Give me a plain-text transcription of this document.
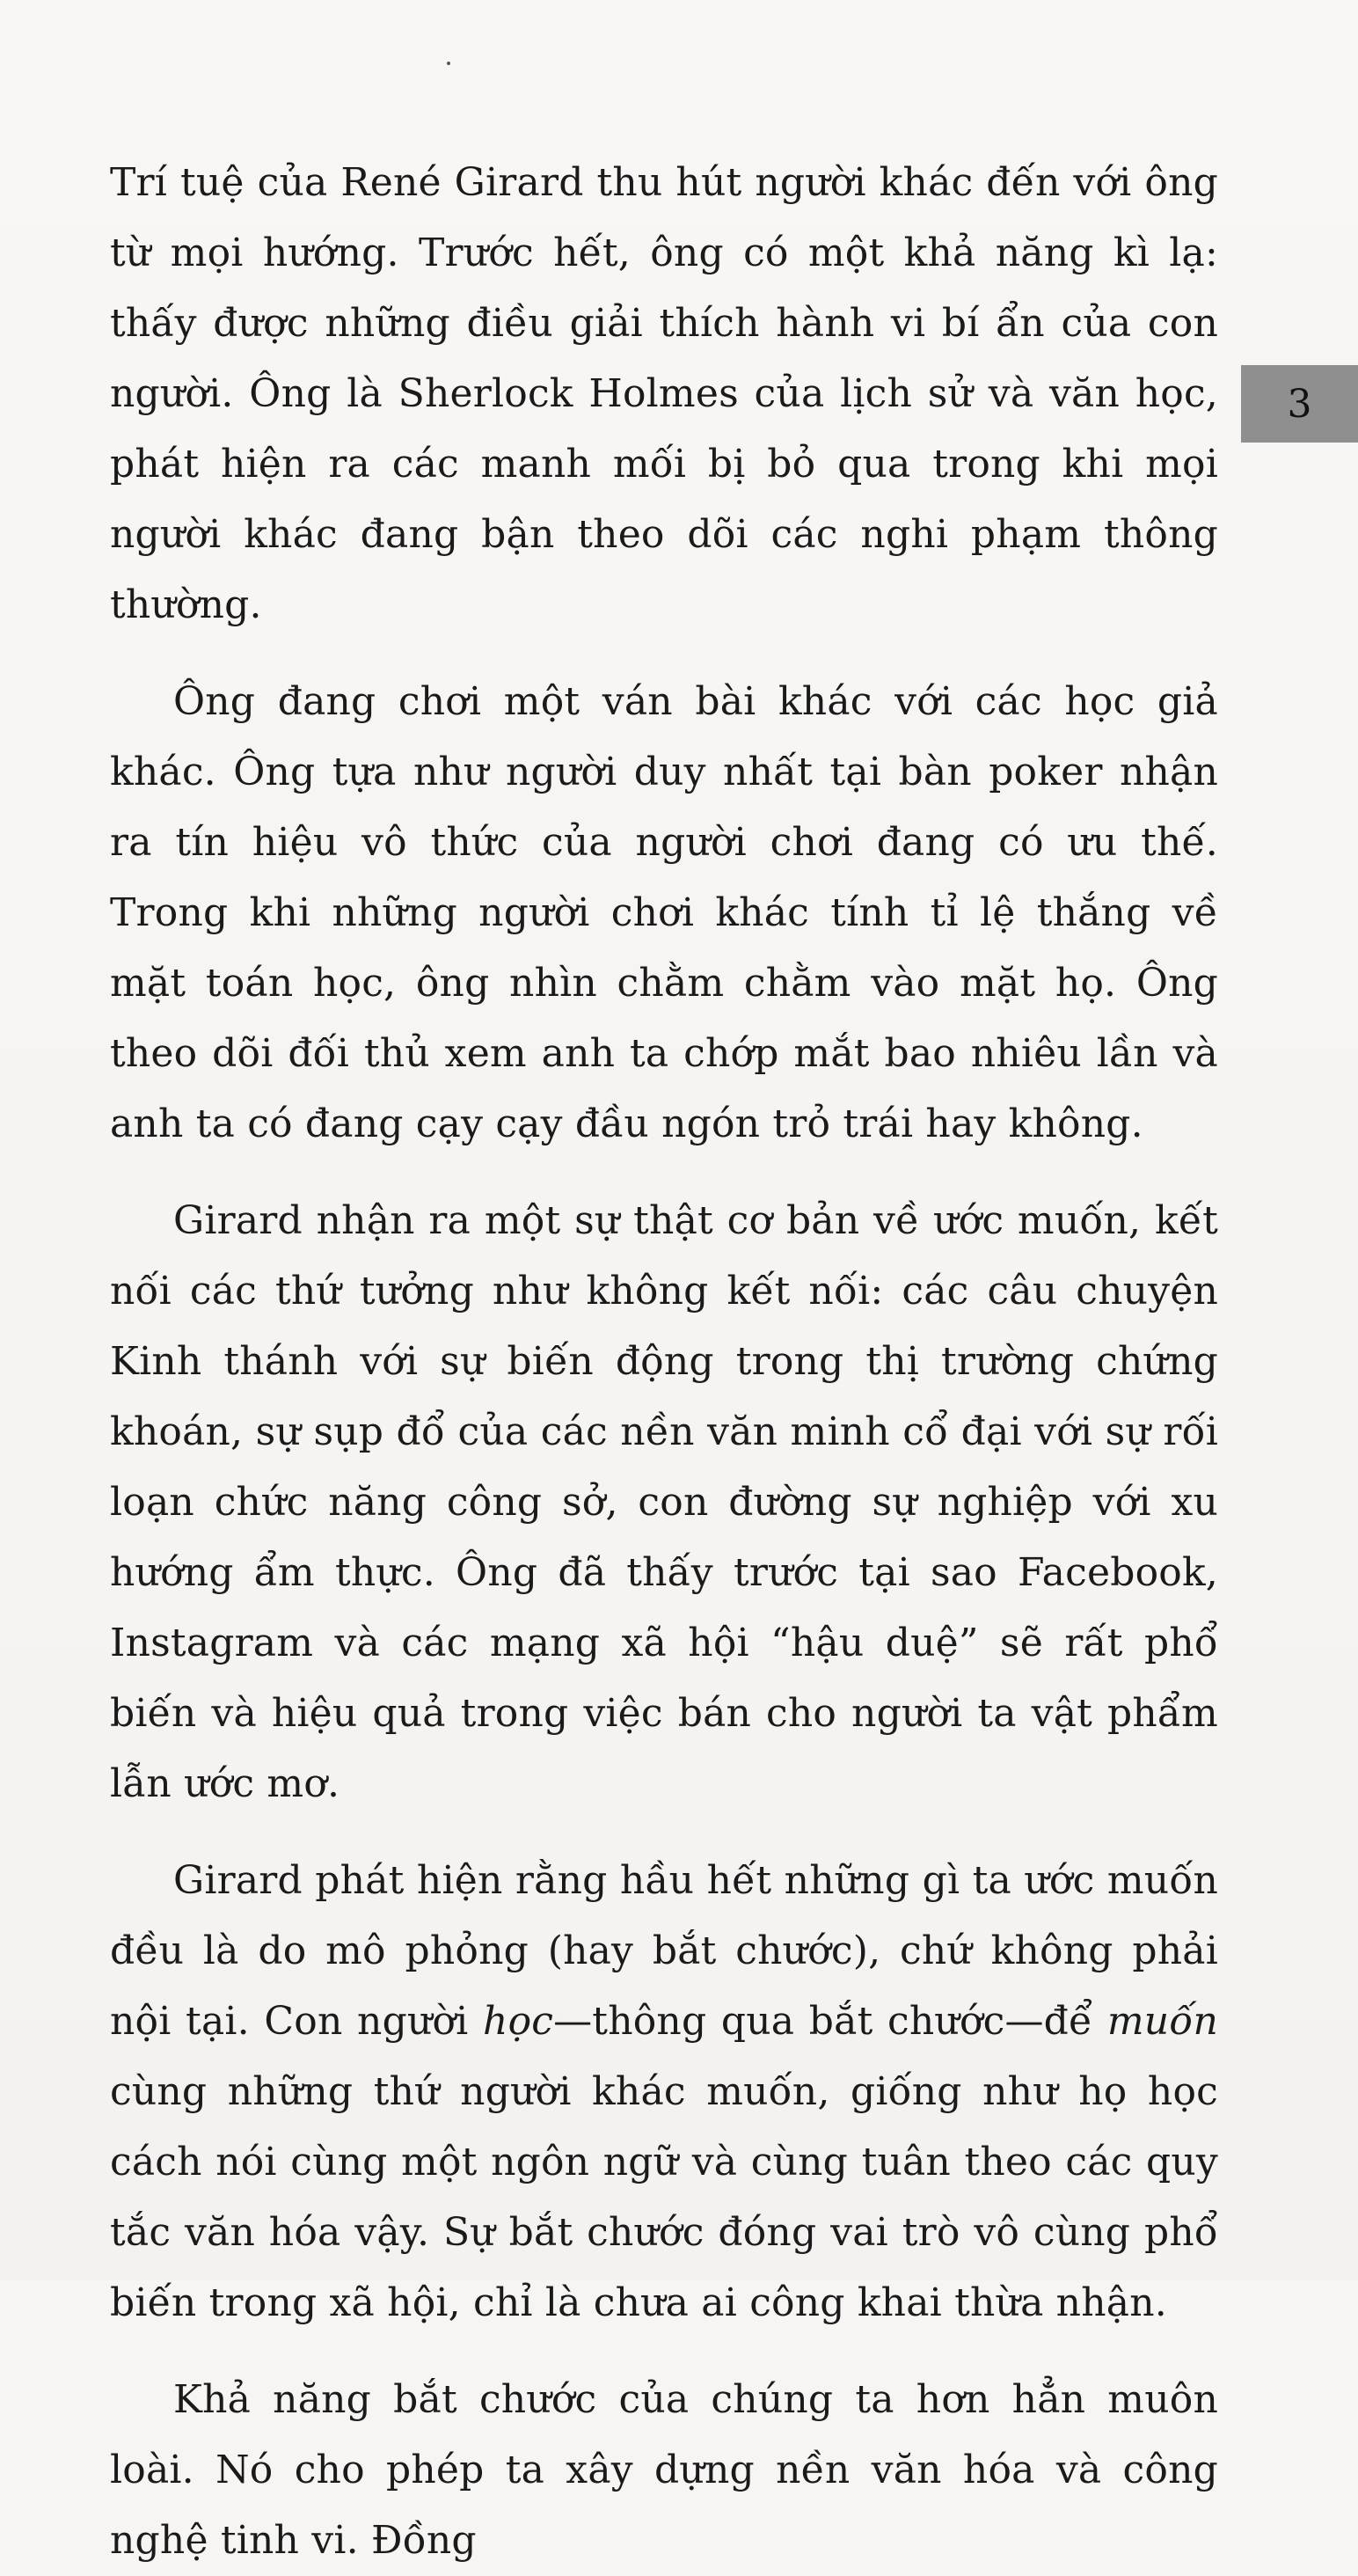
3

Trí tuệ của René Girard thu hút người khác đến với ông từ mọi hướng. Trước hết, ông có một khả năng kì lạ: thấy được những điều giải thích hành vi bí ẩn của con người. Ông là Sherlock Holmes của lịch sử và văn học, phát hiện ra các manh mối bị bỏ qua trong khi mọi người khác đang bận theo dõi các nghi phạm thông thường.

Ông đang chơi một ván bài khác với các học giả khác. Ông tựa như người duy nhất tại bàn poker nhận ra tín hiệu vô thức của người chơi đang có ưu thế. Trong khi những người chơi khác tính tỉ lệ thắng về mặt toán học, ông nhìn chằm chằm vào mặt họ. Ông theo dõi đối thủ xem anh ta chớp mắt bao nhiêu lần và anh ta có đang cạy cạy đầu ngón trỏ trái hay không.

Girard nhận ra một sự thật cơ bản về ước muốn, kết nối các thứ tưởng như không kết nối: các câu chuyện Kinh thánh với sự biến động trong thị trường chứng khoán, sự sụp đổ của các nền văn minh cổ đại với sự rối loạn chức năng công sở, con đường sự nghiệp với xu hướng ẩm thực. Ông đã thấy trước tại sao Facebook, Instagram và các mạng xã hội “hậu duệ” sẽ rất phổ biến và hiệu quả trong việc bán cho người ta vật phẩm lẫn ước mơ.

Girard phát hiện rằng hầu hết những gì ta ước muốn đều là do mô phỏng (hay bắt chước), chứ không phải nội tại. Con người học—thông qua bắt chước—để muốn cùng những thứ người khác muốn, giống như họ học cách nói cùng một ngôn ngữ và cùng tuân theo các quy tắc văn hóa vậy. Sự bắt chước đóng vai trò vô cùng phổ biến trong xã hội, chỉ là chưa ai công khai thừa nhận.

Khả năng bắt chước của chúng ta hơn hẳn muôn loài. Nó cho phép ta xây dựng nền văn hóa và công nghệ tinh vi. Đồng
